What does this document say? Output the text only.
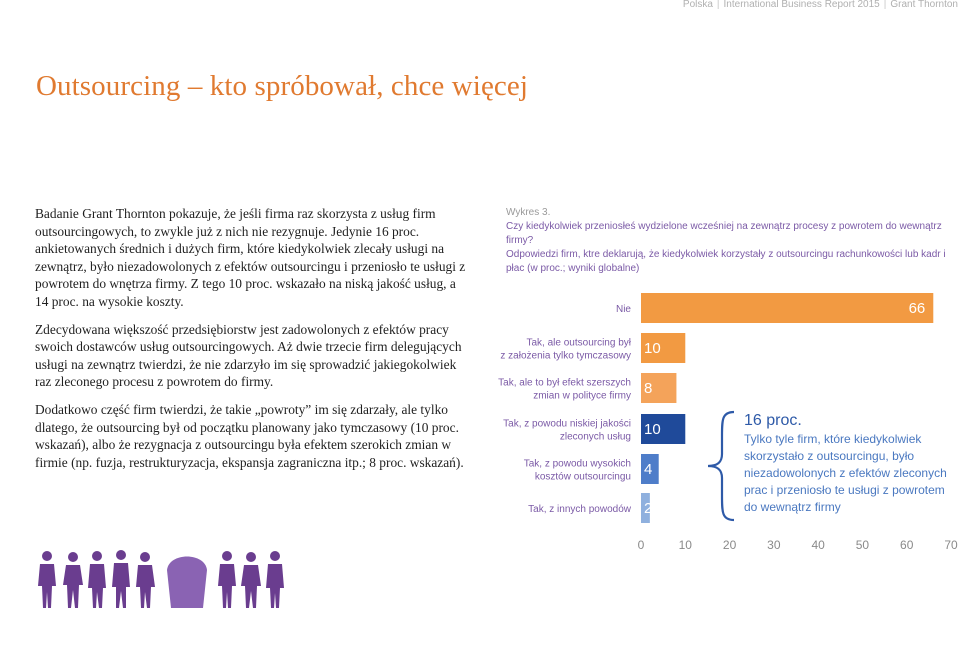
Polska | International Business Report 2015 | Grant Thornton
Outsourcing – kto spróbował, chce więcej

Badanie Grant Thornton pokazuje, że jeśli firma raz skorzysta z usług firm outsourcingowych, to zwykle już z nich nie rezygnuje. Jedynie 16 proc. ankietowanych średnich i dużych firm, które kiedykolwiek zlecały usługi na zewnątrz, było niezadowolonych z efektów outsourcingu i przeniosło te usługi z powrotem do wnętrza firmy. Z tego 10 proc. wskazało na niską jakość usług, a 14 proc. na wysokie koszty.

Zdecydowana większość przedsiębiorstw jest zadowolonych z efektów pracy swoich dostawców usług outsourcingowych. Aż dwie trzecie firm delegujących usługi na zewnątrz twierdzi, że nie zdarzyło im się sprowadzić jakiegokolwiek raz zleconego procesu z powrotem do firmy.

Dodatkowo część firm twierdzi, że takie „powroty” im się zdarzały, ale tylko dlatego, że outsourcing był od początku planowany jako tymczasowy (10 proc. wskazań), albo że rezygnacja z outsourcingu była efektem szerokich zmian w firmie (np. fuzja, restrukturyzacja, ekspansja zagraniczna itp.; 8 proc. wskazań).

Wykres 3.
Czy kiedykolwiek przeniosłeś wydzielone wcześniej na zewnątrz procesy z powrotem do wewnątrz firmy?
Odpowiedzi firm, ktre deklarują, że kiedykolwiek korzystały z outsourcingu rachunkowości lub kadr i płac (w proc.; wyniki globalne)
66
Nie
10
Tak, ale outsourcing był z założenia tylko tymczasowy
8
Tak, ale to był efekt szerszych zmian w polityce firmy
10
Tak, z powodu niskiej jakości zleconych usług
4
Tak, z powodu wysokich kosztów outsourcingu
2
Tak, z innych powodów
0	10	20	30	40	50	60	70
16 proc.
Tylko tyle firm, które kiedykolwiek skorzystało z outsourcingu, było niezadowolonych z efektów zleconych prac i przeniosło te usługi z powrotem do wewnątrz firmy
